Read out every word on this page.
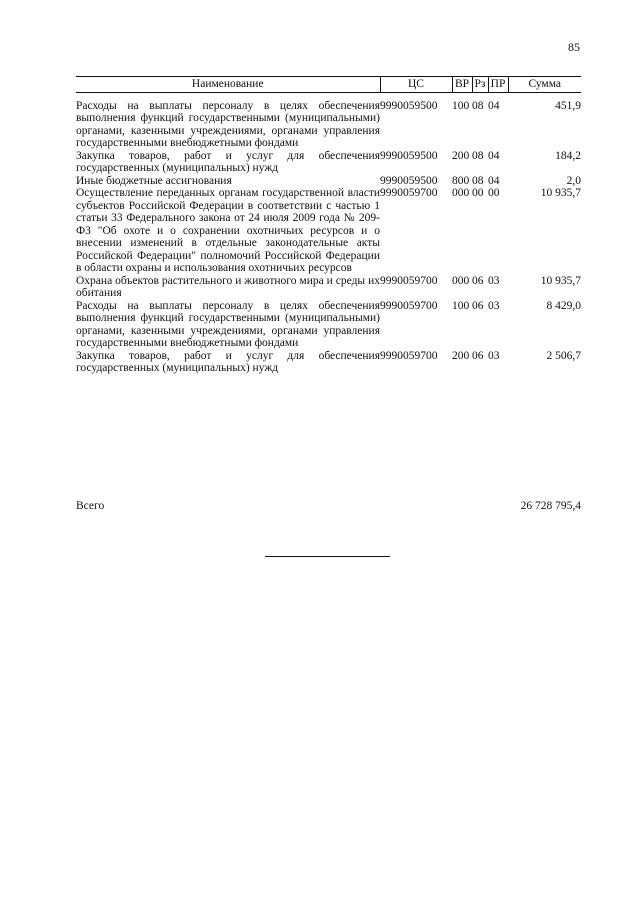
85
Наименование	ЦС	ВР	Рз	ПР	Сумма
Расходы на выплаты персоналу в целях обеспечения выполнения функций государственными (муниципальными) органами, казенными учреждениями, органами управления государственными внебюджетными фондами	9990059500	100	08	04	451,9
Закупка товаров, работ и услуг для обеспечения государственных (муниципальных) нужд	9990059500	200	08	04	184,2
Иные бюджетные ассигнования	9990059500	800	08	04	2,0
Осуществление переданных органам государственной власти субъектов Российской Федерации в соответствии с частью 1 статьи 33 Федерального закона от 24 июля 2009 года № 209-ФЗ "Об охоте и о сохранении охотничьих ресурсов и о внесении изменений в отдельные законодательные акты Российской Федерации" полномочий Российской Федерации в области охраны и использования охотничьих ресурсов	9990059700	000	00	00	10 935,7
Охрана объектов растительного и животного мира и среды их обитания	9990059700	000	06	03	10 935,7
Расходы на выплаты персоналу в целях обеспечения выполнения функций государственными (муниципальными) органами, казенными учреждениями, органами управления государственными внебюджетными фондами	9990059700	100	06	03	8 429,0
Закупка товаров, работ и услуг для обеспечения государственных (муниципальных) нужд	9990059700	200	06	03	2 506,7
Всего	26 728 795,4
